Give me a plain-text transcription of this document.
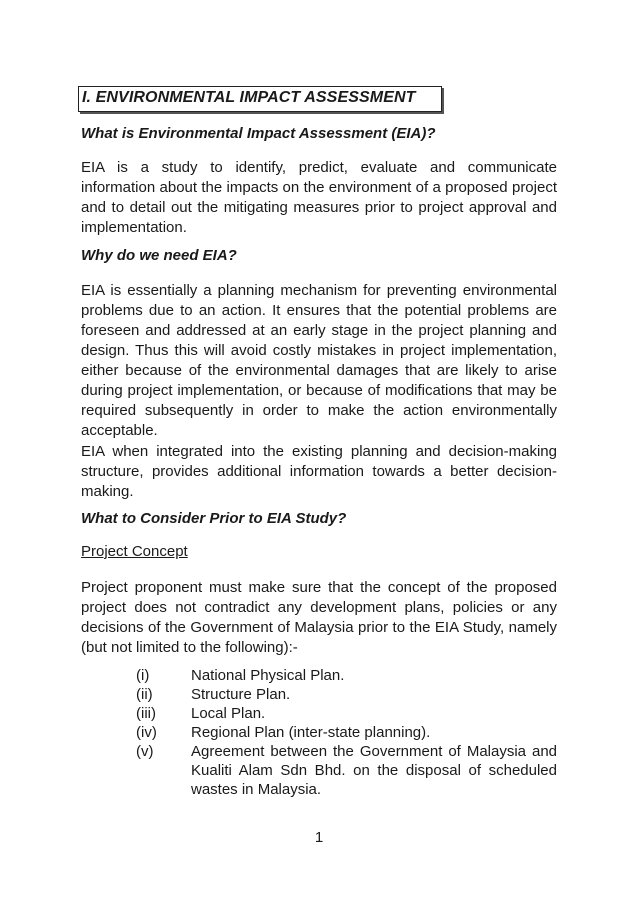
I. ENVIRONMENTAL IMPACT ASSESSMENT
What is Environmental Impact Assessment (EIA)?
EIA is a study to identify, predict, evaluate and communicate information about the impacts on the environment of a proposed project and to detail out the mitigating measures prior to project approval and implementation.
Why do we need EIA?
EIA is essentially a planning mechanism for preventing environmental problems due to an action. It ensures that the potential problems are foreseen and addressed at an early stage in the project planning and design. Thus this will avoid costly mistakes in project implementation, either because of the environmental damages that are likely to arise during project implementation, or because of modifications that may be required subsequently in order to make the action environmentally acceptable.
EIA when integrated into the existing planning and decision-making structure, provides additional information towards a better decision-making.
What to Consider Prior to EIA Study?
Project Concept
Project proponent must make sure that the concept of the proposed project does not contradict any development plans, policies or any decisions of the Government of Malaysia prior to the EIA Study, namely (but not limited to the following):-
(i)	National Physical Plan.
(ii)	Structure Plan.
(iii)	Local Plan.
(iv)	Regional Plan (inter-state planning).
(v)	Agreement between the Government of Malaysia and Kualiti Alam Sdn Bhd. on the disposal of scheduled wastes in Malaysia.
1
